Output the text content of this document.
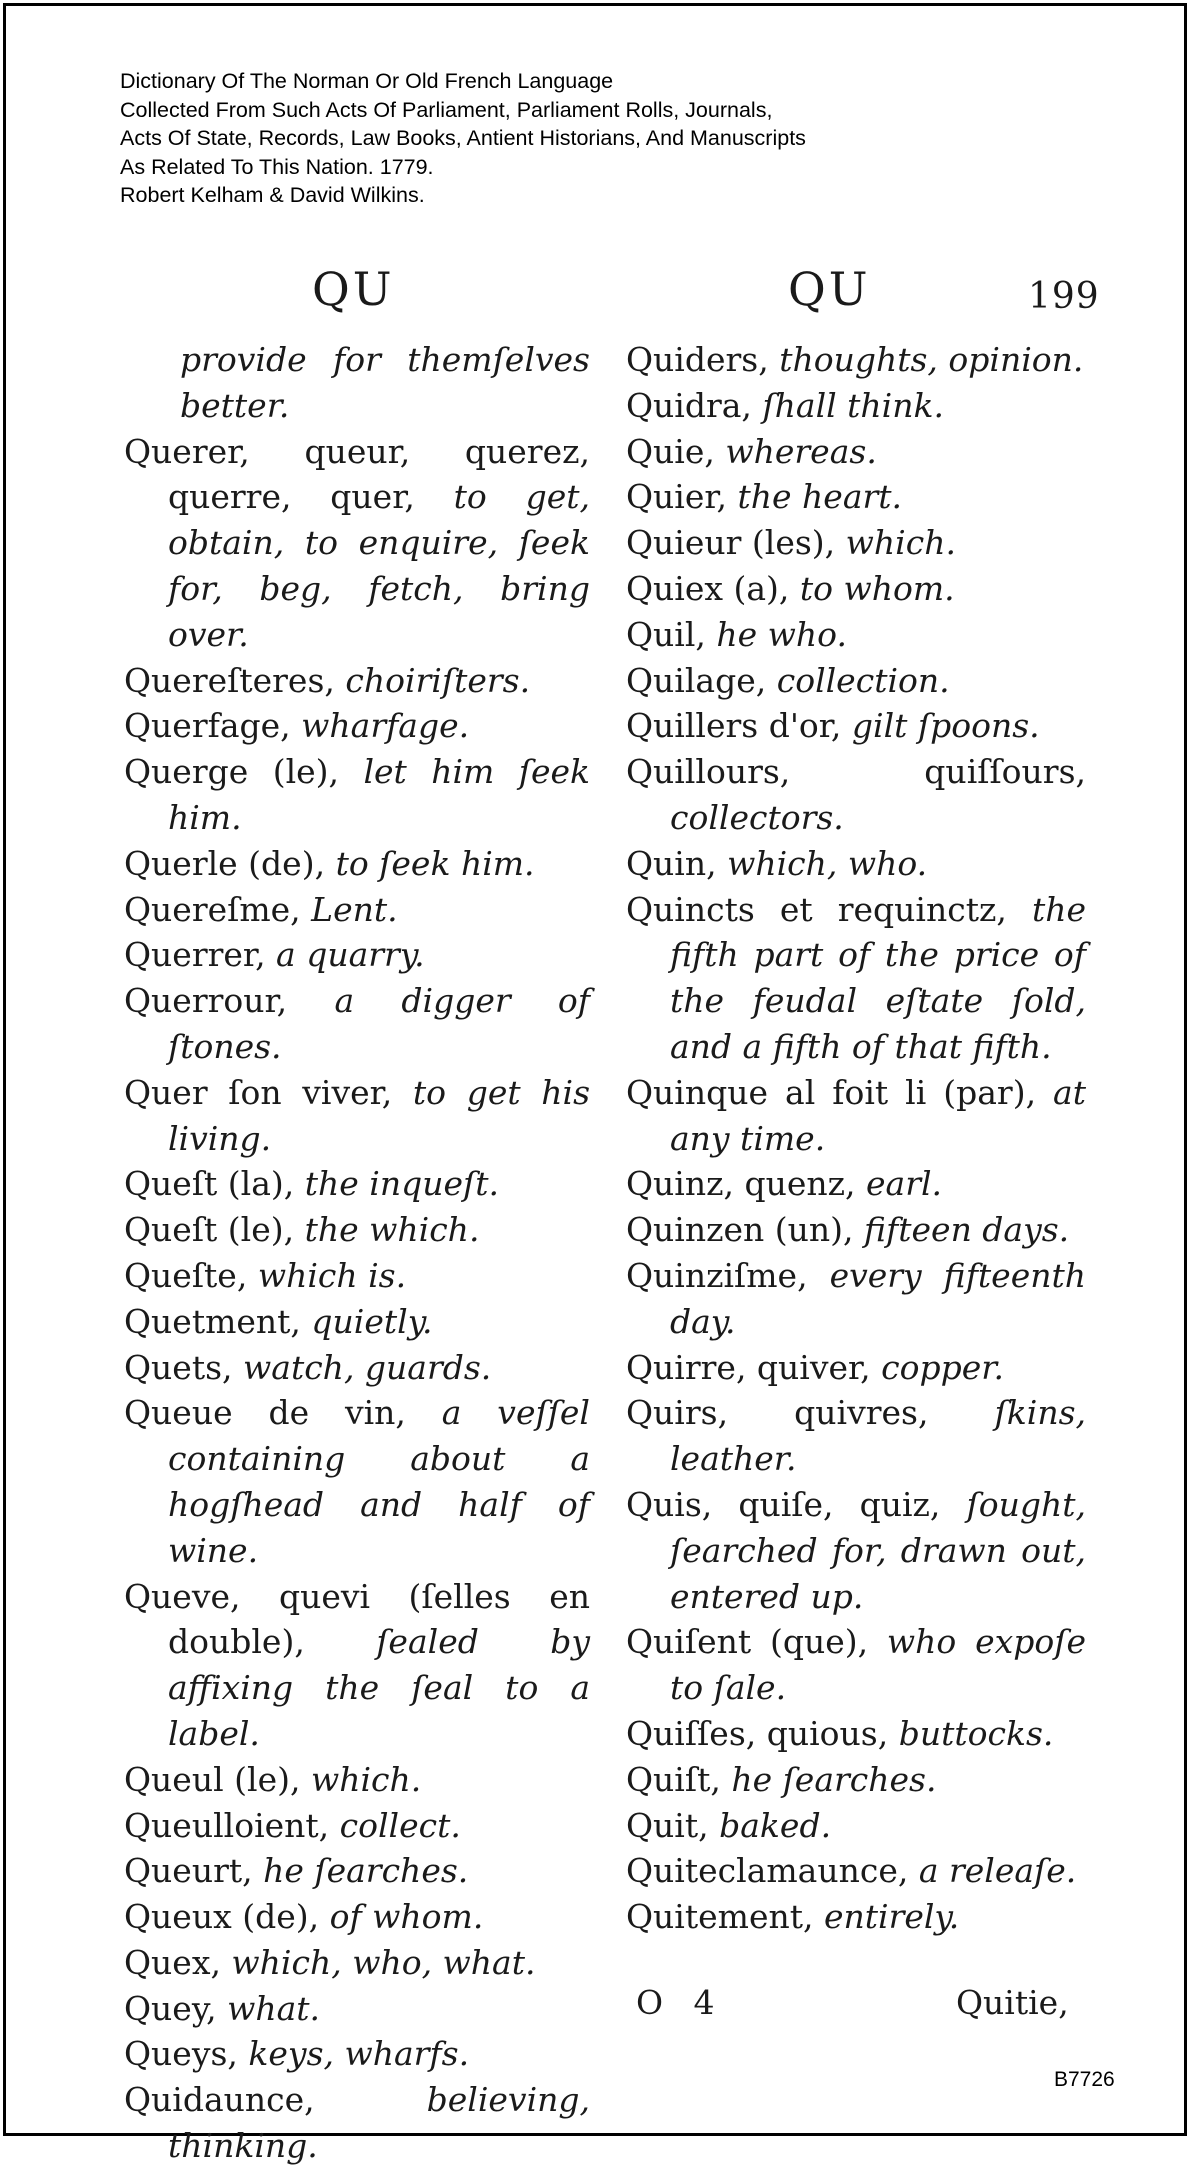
Dictionary Of The Norman Or Old French Language
Collected From Such Acts Of Parliament, Parliament Rolls, Journals,
Acts Of State, Records, Law Books, Antient Historians, And Manuscripts
As Related To This Nation. 1779.
Robert Kelham & David Wilkins.
QU	QU	199
provide for themſelves better.
Querer, queur, querez, querre, quer, to get, obtain, to enquire, ſeek for, beg, fetch, bring over.
Quereſteres, choiriſters.
Querfage, wharfage.
Querge (le), let him ſeek him.
Querle (de), to ſeek him.
Quereſme, Lent.
Querrer, a quarry.
Querrour, a digger of ſtones.
Quer ſon viver, to get his living.
Queſt (la), the inqueſt.
Queſt (le), the which.
Queſte, which is.
Quetment, quietly.
Quets, watch, guards.
Queue de vin, a veſſel containing about a hogſhead and half of wine.
Queve, quevi (ſelles en double), ſealed by affixing the ſeal to a label.
Queul (le), which.
Queulloient, collect.
Queurt, he ſearches.
Queux (de), of whom.
Quex, which, who, what.
Quey, what.
Queys, keys, wharfs.
Quidaunce, believing, thinking.
Quiders, thoughts, opinion.
Quidra, ſhall think.
Quie, whereas.
Quier, the heart.
Quieur (les), which.
Quiex (a), to whom.
Quil, he who.
Quilage, collection.
Quillers d'or, gilt ſpoons.
Quillours, quiſſours, collectors.
Quin, which, who.
Quincts et requinctz, the fifth part of the price of the feudal eſtate ſold, and a fifth of that fifth.
Quinque al foit li (par), at any time.
Quinz, quenz, earl.
Quinzen (un), fifteen days.
Quinziſme, every fifteenth day.
Quirre, quiver, copper.
Quirs, quivres, ſkins, leather.
Quis, quiſe, quiz, ſought, ſearched for, drawn out, entered up.
Quiſent (que), who expoſe to ſale.
Quiſſes, quious, buttocks.
Quiſt, he ſearches.
Quit, baked.
Quiteclamaunce, a releaſe.
Quitement, entirely.
O 4	Quitie,
B7726
